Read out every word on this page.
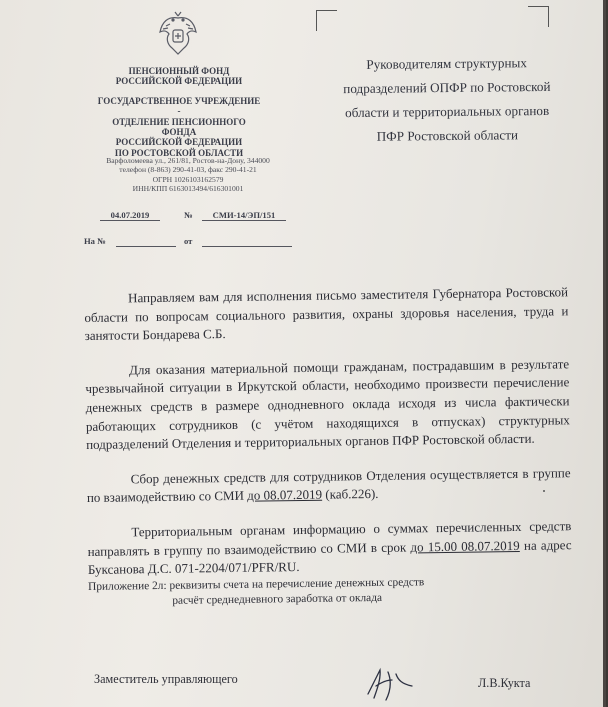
ПЕНСИОННЫЙ ФОНД
РОССИЙСКОЙ ФЕДЕРАЦИИ
ГОСУДАРСТВЕННОЕ УЧРЕЖДЕНИЕ -
ОТДЕЛЕНИЕ ПЕНСИОННОГО ФОНДА
РОССИЙСКОЙ ФЕДЕРАЦИИ
ПО РОСТОВСКОЙ ОБЛАСТИ
Варфоломеева ул., 261/81, Ростов-на-Дону, 344000
телефон (8-863) 290-41-03, факс 290-41-21
ОГРН 1026103162579
ИНН/КПП 6163013494/616301001
04.07.2019	№	СМИ-14/ЭП/151
На №	от
Руководителям структурных
подразделений ОПФР по Ростовской
области и территориальных органов
ПФР Ростовской области

Направляем вам для исполнения письмо заместителя Губернатора Ростовской области по вопросам социального развития, охраны здоровья населения, труда и занятости Бондарева С.Б.

Для оказания материальной помощи гражданам, пострадавшим в результате чрезвычайной ситуации в Иркутской области, необходимо произвести перечисление денежных средств в размере однодневного оклада исходя из числа фактически работающих сотрудников (с учётом находящихся в отпусках) структурных подразделений Отделения и территориальных органов ПФР Ростовской области.

Сбор денежных средств для сотрудников Отделения осуществляется в группе по взаимодействию со СМИ до 08.07.2019 (каб.226).

Территориальным органам информацию о суммах перечисленных средств направлять в группу по взаимодействию со СМИ в срок до 15.00 08.07.2019 на адрес Буксанова Д.С. 071-2204/071/PFR/RU.

Приложение 2л: реквизиты счета на перечисление денежных средств
расчёт среднедневного заработка от оклада
Заместитель управляющего	Л.В.Кукта
